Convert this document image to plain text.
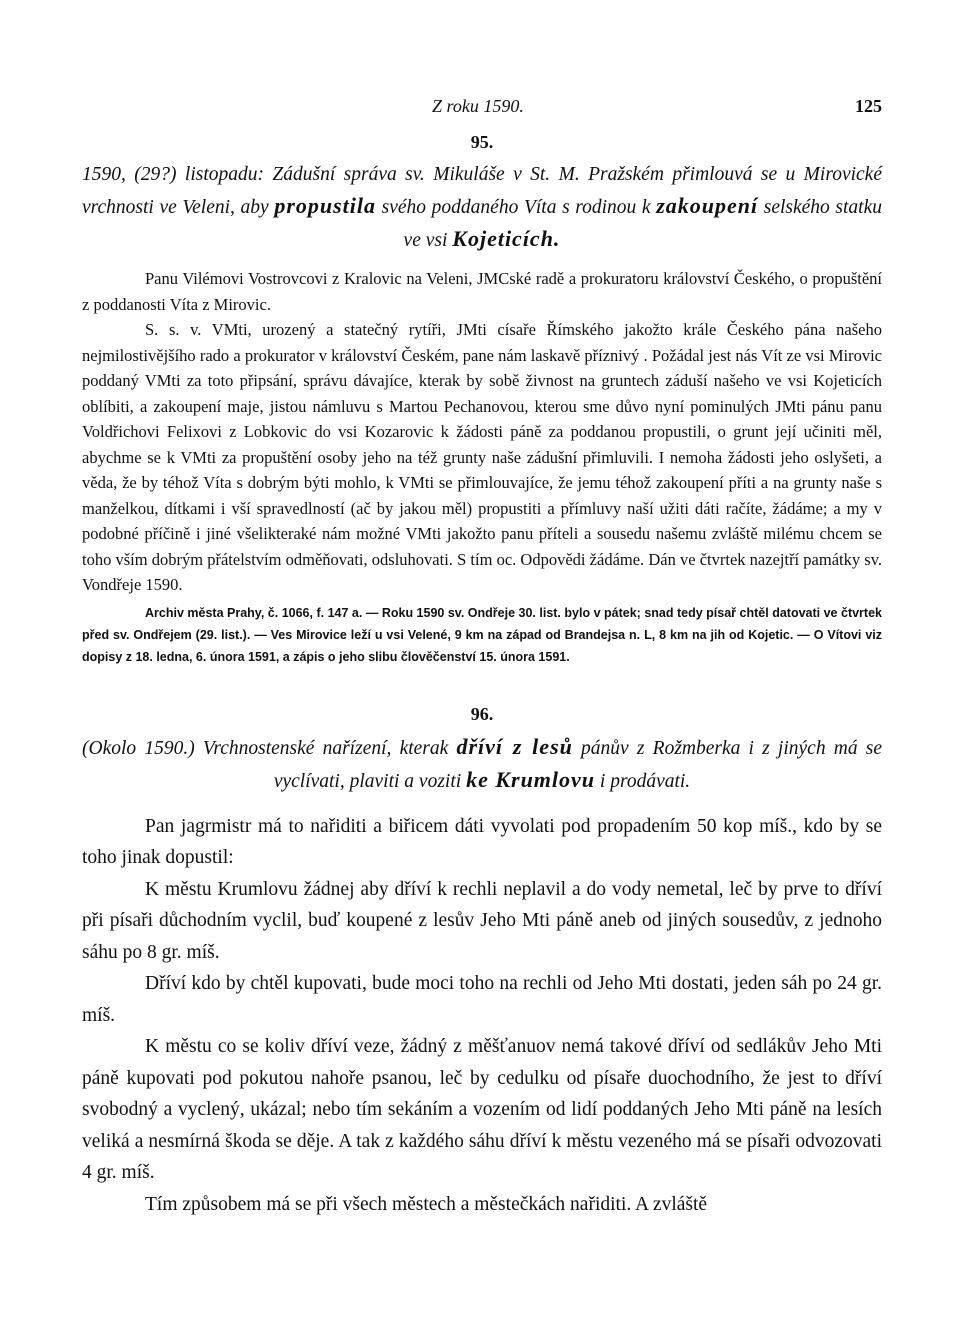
Z roku 1590.	125
95.

1590, (29?) listopadu: Zádušní správa sv. Mikuláše v St. M. Pražském přimlouvá se u Mirovické vrchnosti ve Veleni, aby propustila svého poddaného Víta s rodinou k zakoupení selského statku ve vsi Kojeticích.

Panu Vilémovi Vostrovcovi z Kralovic na Veleni, JMCské radě a prokuratoru království Českého, o propuštění z poddanosti Víta z Mirovic.

S. s. v. VMti, urozený a statečný rytíři, JMti císaře Římského jakožto krále Českého pána našeho nejmilostivějšího rado a prokurator v království Českém, pane nám laskavě příznivý . Požádal jest nás Vít ze vsi Mirovic poddaný VMti za toto připsání, správu dávajíce, kterak by sobě živnost na gruntech záduší našeho ve vsi Kojeticích oblíbiti, a zakoupení maje, jistou námluvu s Martou Pechanovou, kterou sme důvo nyní pominulých JMti pánu panu Voldřichovi Felixovi z Lobkovic do vsi Kozarovic k žádosti páně za poddanou propustili, o grunt její učiniti měl, abychme se k VMti za propuštění osoby jeho na též grunty naše zádušní přimluvili. I nemoha žádosti jeho oslyšeti, a věda, že by téhož Víta s dobrým býti mohlo, k VMti se přimlouvajíce, že jemu téhož zakoupení příti a na grunty naše s manželkou, dítkami i vší spravedlností (ač by jakou měl) propustiti a přímluvy naší užiti dáti račíte, žádáme; a my v podobné příčině i jiné všelikteraké nám možné VMti jakožto panu příteli a sousedu našemu zvláště milému chcem se toho vším dobrým přátelstvím odměňovati, odsluhovati. S tím oc. Odpovědi žádáme. Dán ve čtvrtek nazejtří památky sv. Vondřeje 1590.

Archiv města Prahy, č. 1066, f. 147 a. — Roku 1590 sv. Ondřeje 30. list. bylo v pátek; snad tedy písař chtěl datovati ve čtvrtek před sv. Ondřejem (29. list.). — Ves Mirovice leží u vsi Velené, 9 km na západ od Brandejsa n. L, 8 km na jih od Kojetic. — O Vítovi viz dopisy z 18. ledna, 6. února 1591, a zápis o jeho slibu člověčenství 15. února 1591.

96.

(Okolo 1590.) Vrchnostenské nařízení, kterak dříví z lesů pánův z Rožmberka i z jiných má se vyclívati, plaviti a voziti ke Krumlovu i prodávati.

Pan jagrmistr má to nařiditi a biřicem dáti vyvolati pod propadením 50 kop míš., kdo by se toho jinak dopustil:

K městu Krumlovu žádnej aby dříví k rechli neplavil a do vody nemetal, leč by prve to dříví při písaři důchodním vyclil, buď koupené z lesův Jeho Mti páně aneb od jiných sousedův, z jednoho sáhu po 8 gr. míš.

Dříví kdo by chtěl kupovati, bude moci toho na rechli od Jeho Mti dostati, jeden sáh po 24 gr. míš.

K městu co se koliv dříví veze, žádný z měšťanuov nemá takové dříví od sedlákův Jeho Mti páně kupovati pod pokutou nahoře psanou, leč by cedulku od písaře duochodního, že jest to dříví svobodný a vyclený, ukázal; nebo tím sekáním a vozením od lidí poddaných Jeho Mti páně na lesích veliká a nesmírná škoda se děje. A tak z každého sáhu dříví k městu vezeného má se písaři odvozovati 4 gr. míš.

Tím způsobem má se při všech městech a městečkách nařiditi. A zvláště
